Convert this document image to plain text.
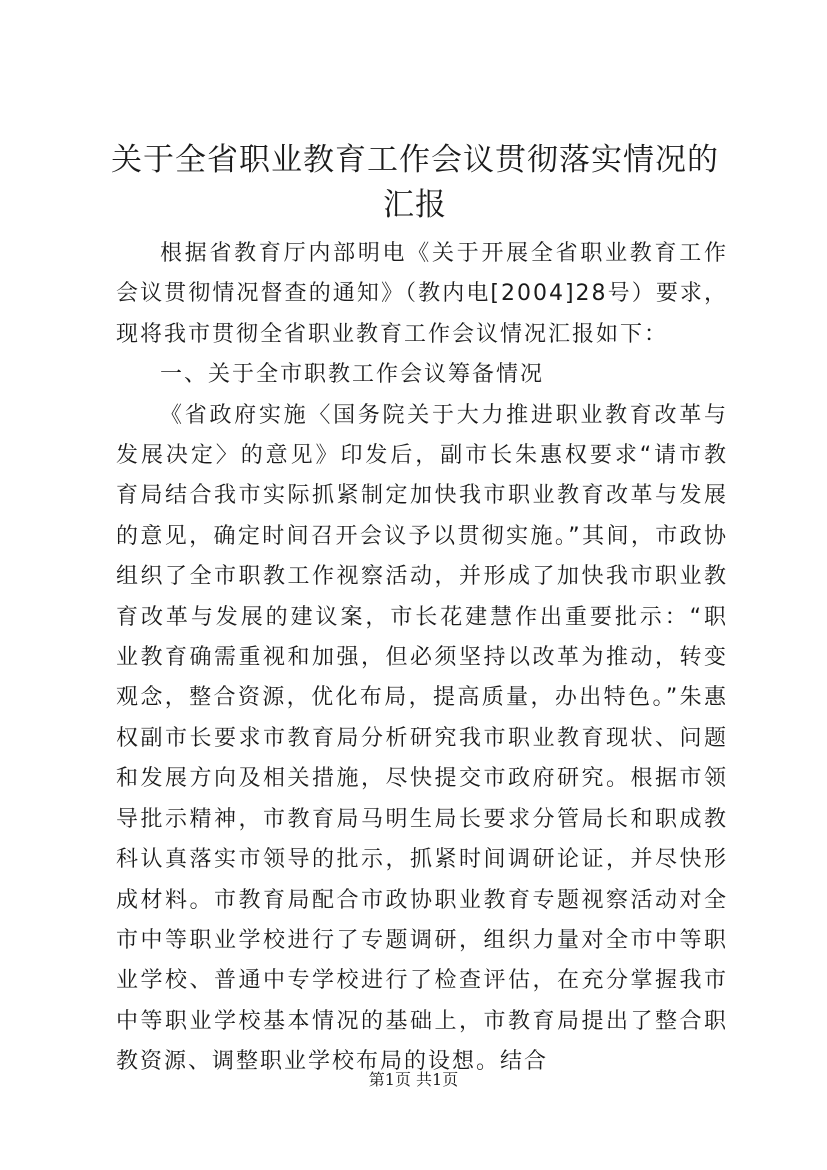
关于全省职业教育工作会议贯彻落实情况的汇报

根据省教育厅内部明电《关于开展全省职业教育工作会议贯彻情况督查的通知》（教内电[2004]28号）要求，现将我市贯彻全省职业教育工作会议情况汇报如下：

一、关于全市职教工作会议筹备情况

《省政府实施〈国务院关于大力推进职业教育改革与发展决定〉的意见》印发后，副市长朱惠权要求“请市教育局结合我市实际抓紧制定加快我市职业教育改革与发展的意见，确定时间召开会议予以贯彻实施。”其间，市政协组织了全市职教工作视察活动，并形成了加快我市职业教育改革与发展的建议案，市长花建慧作出重要批示：“职业教育确需重视和加强，但必须坚持以改革为推动，转变观念，整合资源，优化布局，提高质量，办出特色。”朱惠权副市长要求市教育局分析研究我市职业教育现状、问题和发展方向及相关措施，尽快提交市政府研究。根据市领导批示精神，市教育局马明生局长要求分管局长和职成教科认真落实市领导的批示，抓紧时间调研论证，并尽快形成材料。市教育局配合市政协职业教育专题视察活动对全市中等职业学校进行了专题调研，组织力量对全市中等职业学校、普通中专学校进行了检查评估，在充分掌握我市中等职业学校基本情况的基础上，市教育局提出了整合职教资源、调整职业学校布局的设想。结合

第1页 共1页
